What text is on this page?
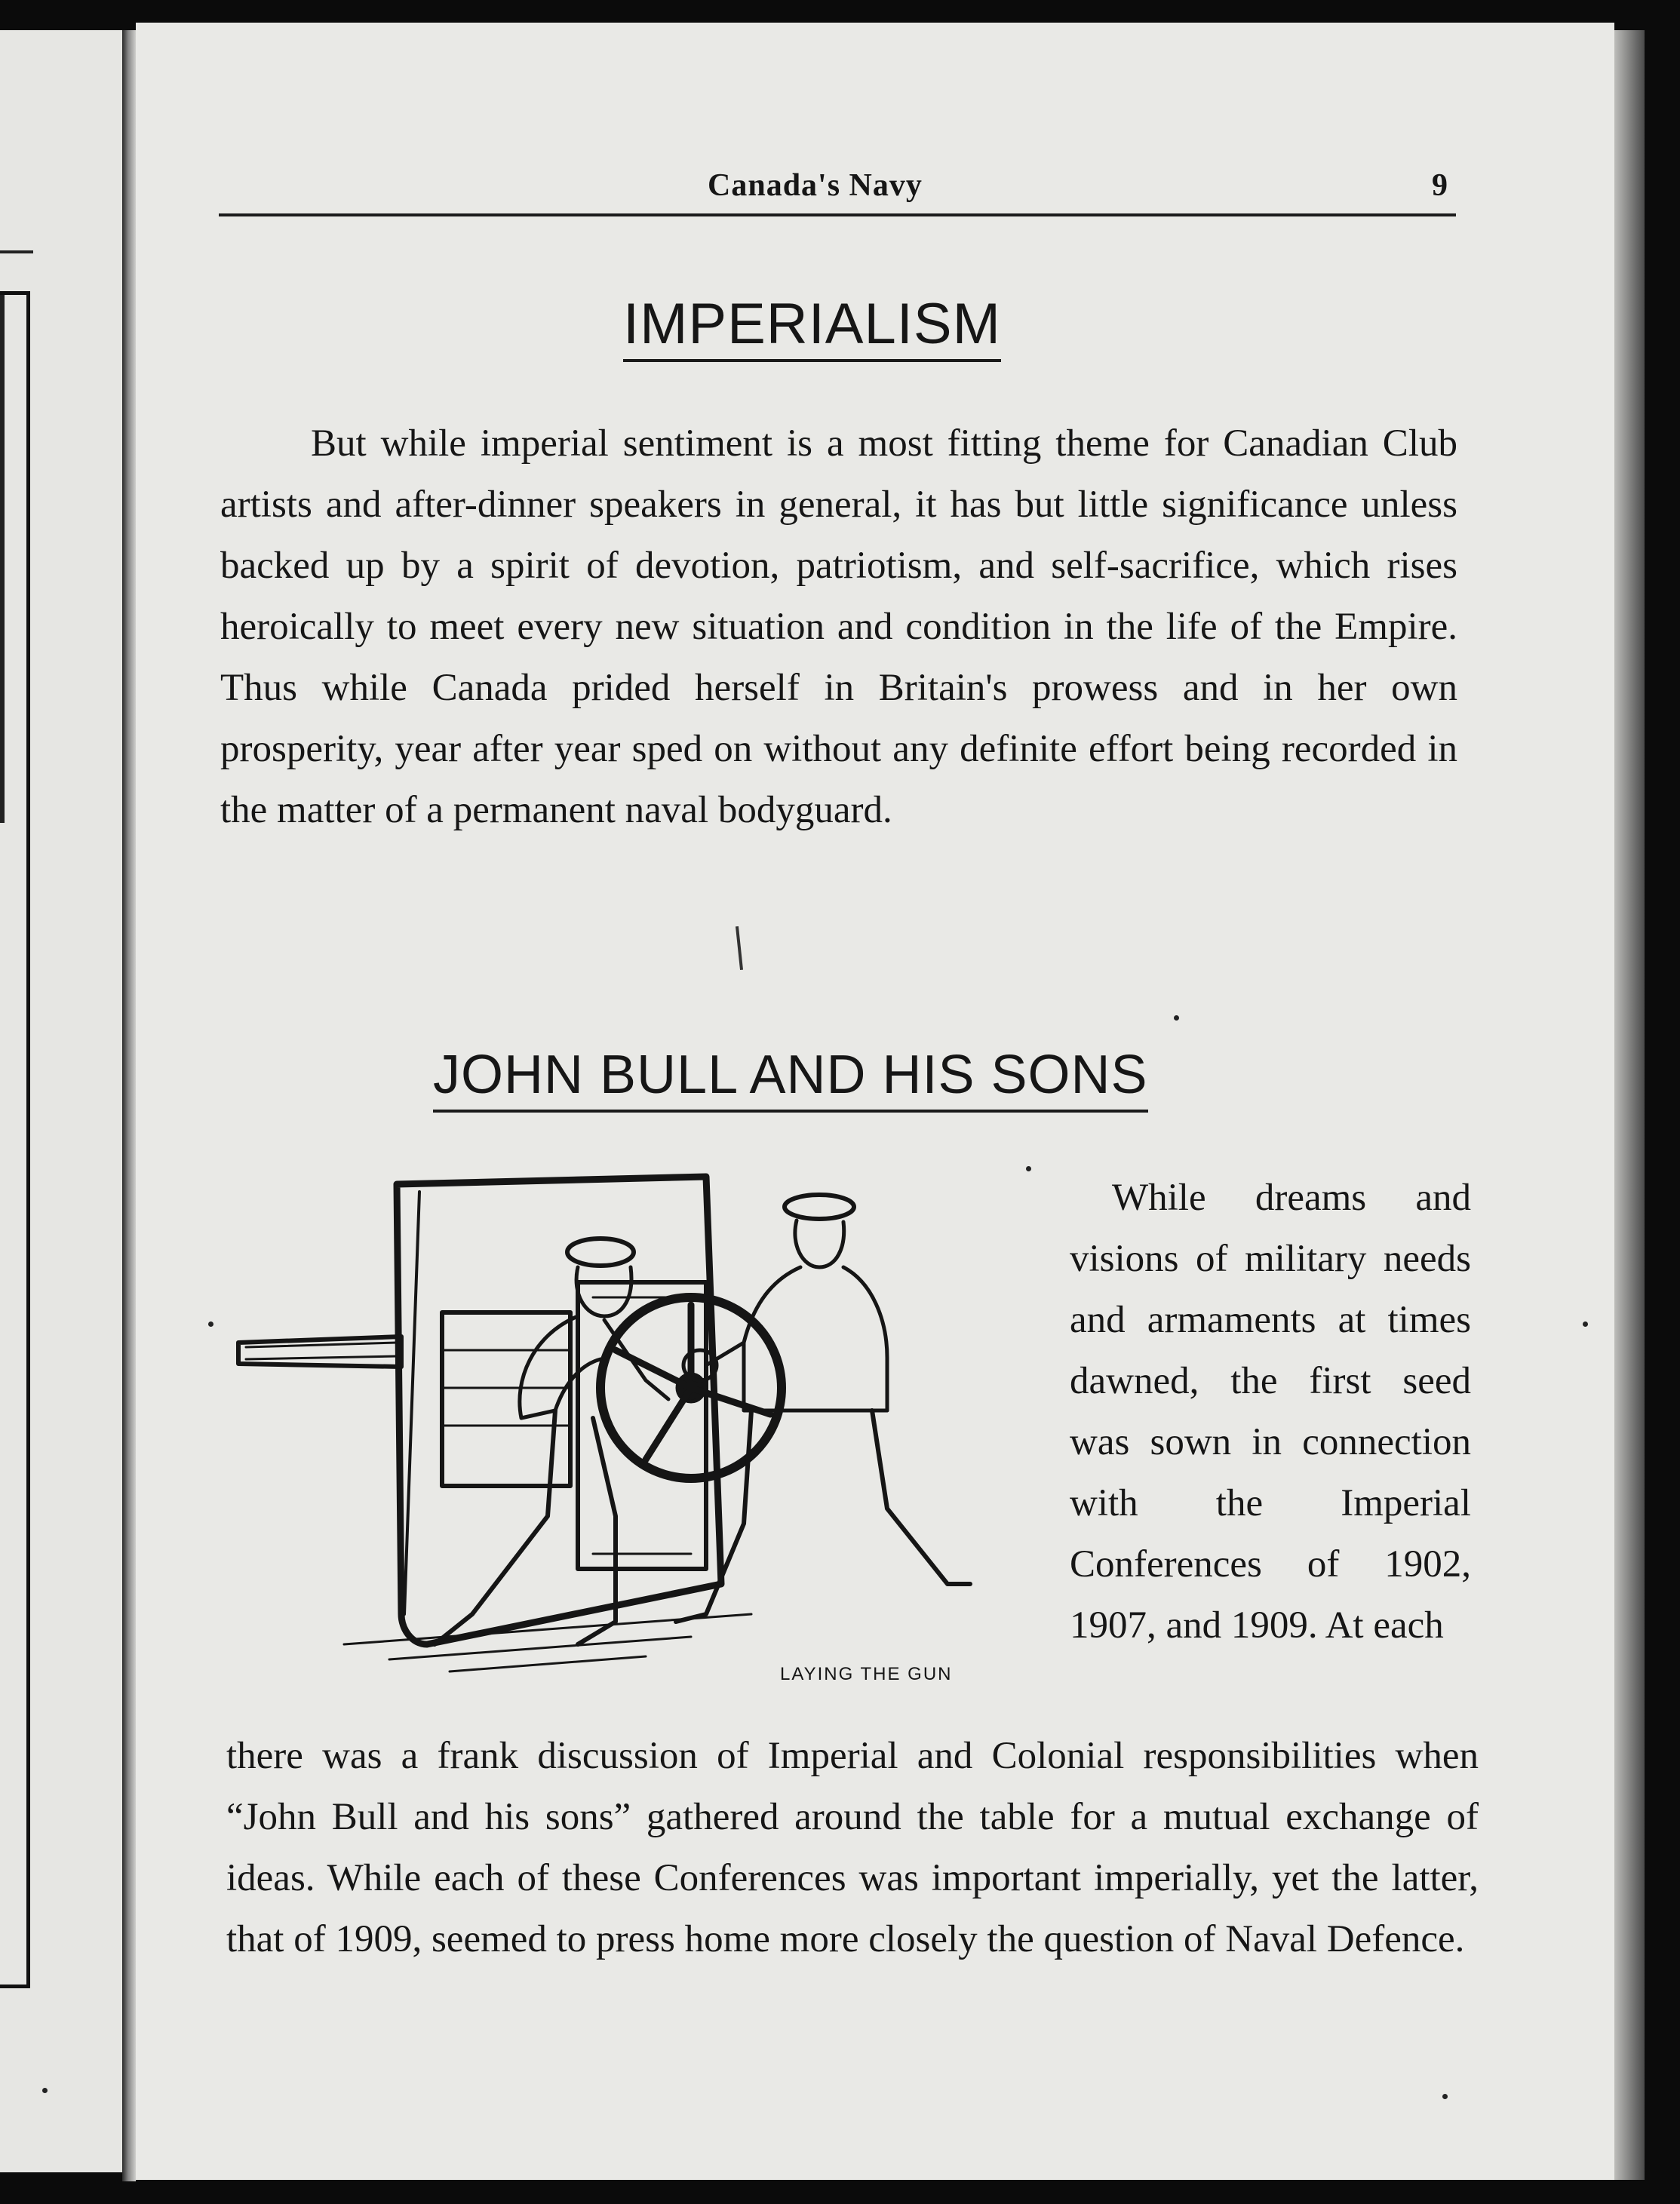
Canada's Navy	9
IMPERIALISM
But while imperial sentiment is a most fitting theme for Canadian Club artists and after-dinner speakers in general, it has but little significance unless backed up by a spirit of devotion, patriotism, and self-sacrifice, which rises heroically to meet every new situation and condition in the life of the Empire. Thus while Canada prided herself in Britain's prowess and in her own prosperity, year after year sped on without any definite effort being recorded in the matter of a permanent naval bodyguard.
JOHN BULL AND HIS SONS
LAYING THE GUN
While dreams and visions of military needs and armaments at times dawned, the first seed was sown in connection with the Imperial Conferences of 1902, 1907, and 1909. At each
there was a frank discussion of Imperial and Colonial responsibilities when “John Bull and his sons” gathered around the table for a mutual exchange of ideas. While each of these Conferences was important imperially, yet the latter, that of 1909, seemed to press home more closely the question of Naval Defence.
